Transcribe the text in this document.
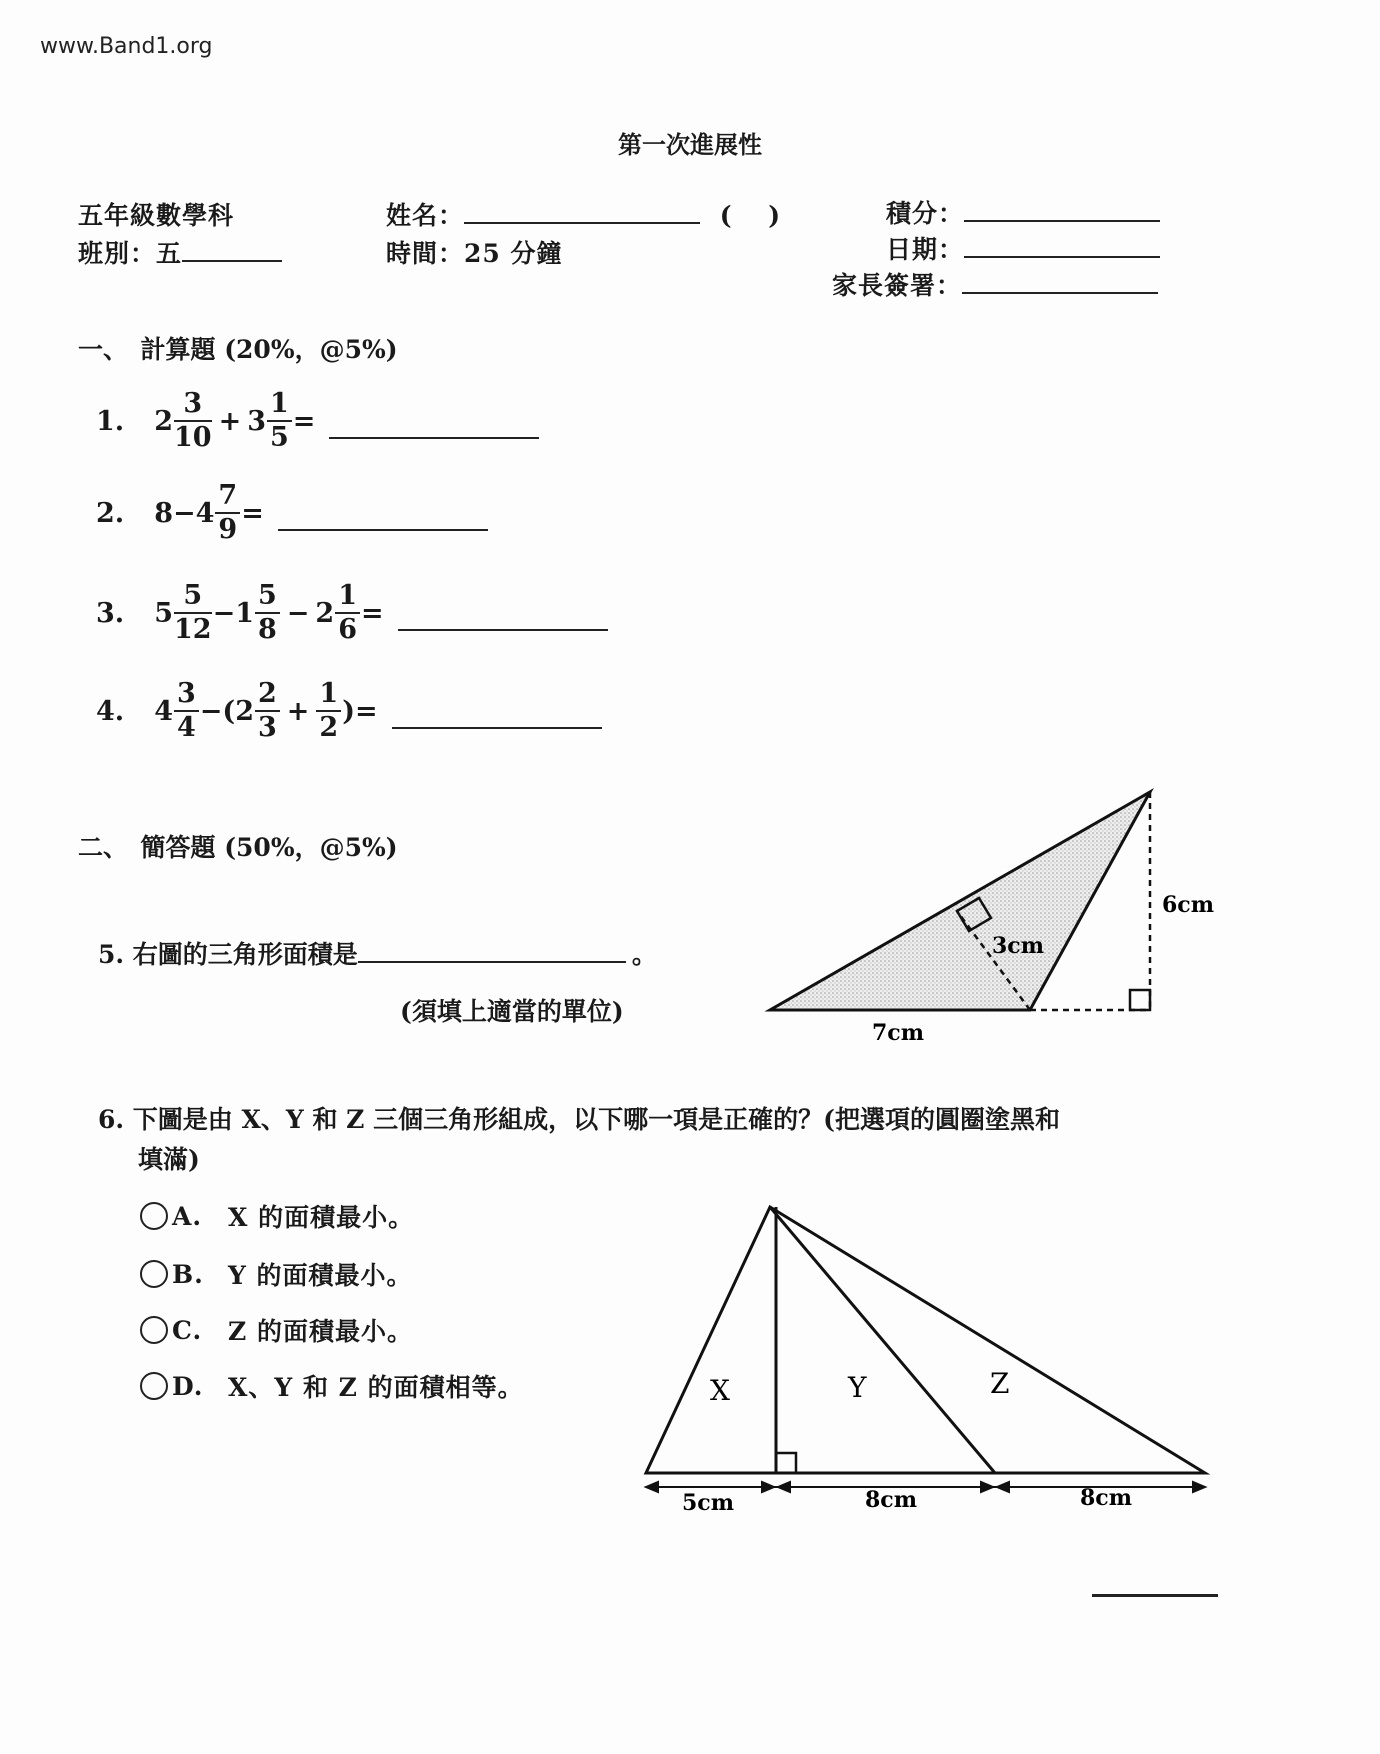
www.Band1.org
第一次進展性
五年級數學科
班別：五
姓名：	(　 )
時間：25 分鐘
積分：
日期：
家長簽署：
一、　計算題 (20%，@5%)
1. $2 \frac{3}{10} + 3 \frac{1}{5}$ =
2. $8 - 4 \frac{7}{9}$ =
3. $5 \frac{5}{12} - 1 \frac{5}{8} - 2 \frac{1}{6}$ =
4. $4 \frac{3}{4}$ −( $2 \frac{2}{3} + \frac{1}{2}$ ) =
二、　簡答題 (50%，@5%)
5. 右圖的三角形面積是	。
(須填上適當的單位)
6cm
3cm
7cm
6. 下圖是由 X、Y 和 Z 三個三角形組成，以下哪一項是正確的？(把選項的圓圈塗黑和
填滿)
A.	X 的面積最小。
B. Y 的面積最小。
C.	Z 的面積最小。
D. X、Y 和 Z 的面積相等。	X	Y	Z
5cm	8cm	8cm
